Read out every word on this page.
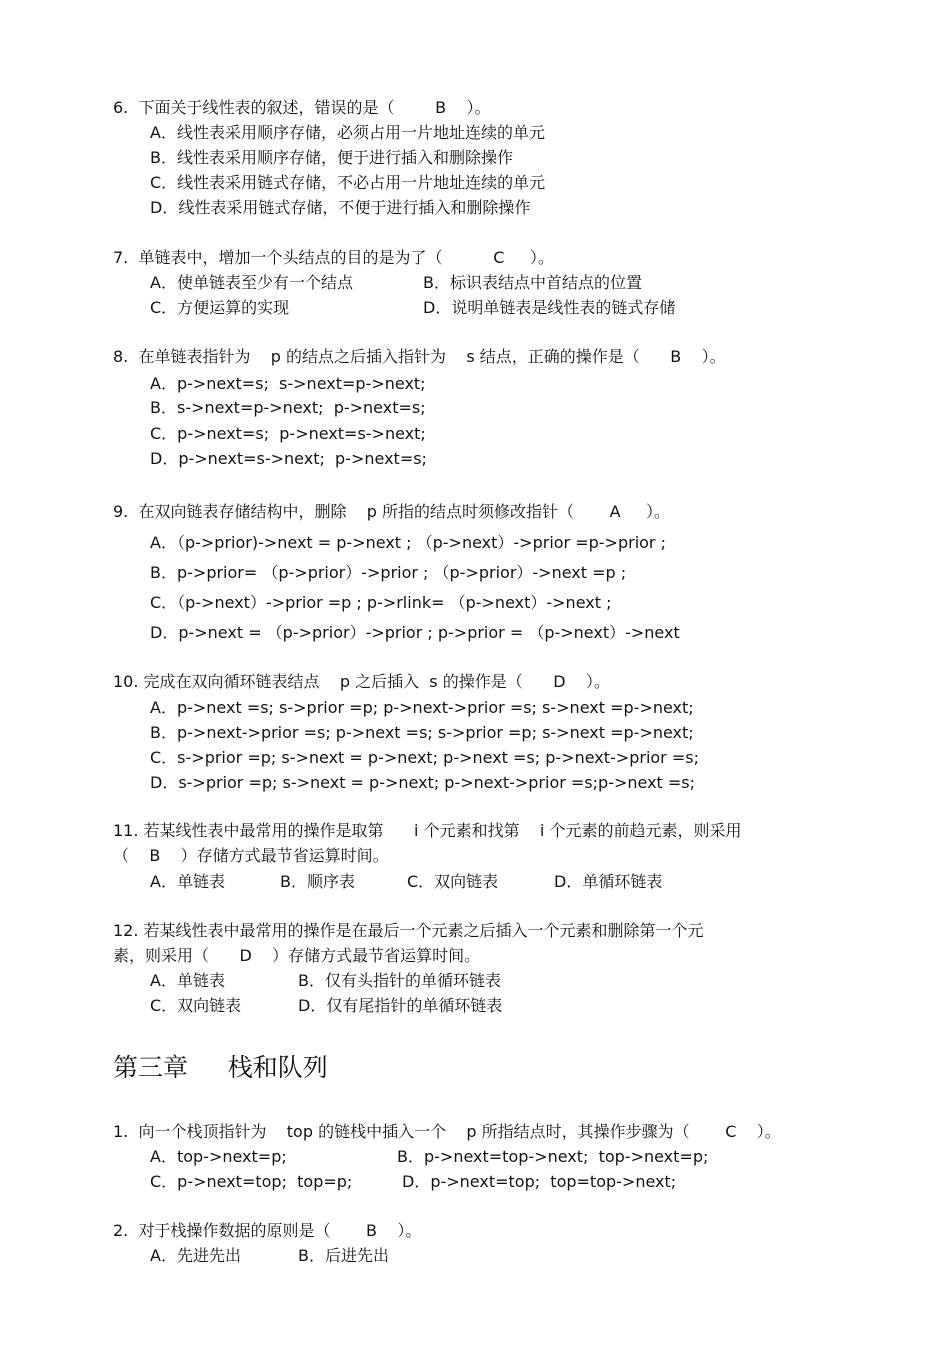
6.  下面关于线性表的叙述，错误的是（        B    ）。
A．线性表采用顺序存储，必须占用一片地址连续的单元
B．线性表采用顺序存储，便于进行插入和删除操作
C．线性表采用链式存储，不必占用一片地址连续的单元
D．线性表采用链式存储，不便于进行插入和删除操作
7.  单链表中，增加一个头结点的目的是为了（          C     ）。
A．使单链表至少有一个结点	B．标识表结点中首结点的位置
C．方便运算的实现	D．说明单链表是线性表的链式存储
8.  在单链表指针为    p 的结点之后插入指针为    s 结点，正确的操作是（      B    ）。
A．p->next=s;  s->next=p->next;
B．s->next=p->next;  p->next=s;
C．p->next=s;  p->next=s->next;
D．p->next=s->next;  p->next=s;
9.  在双向链表存储结构中，删除    p 所指的结点时须修改指针（       A     ）。
A．（p->prior)->next = p->next ; （p->next）->prior =p->prior ;
B．p->prior= （p->prior）->prior ; （p->prior）->next =p ;
C．（p->next）->prior =p ; p->rlink= （p->next）->next ;
D．p->next = （p->prior）->prior ; p->prior = （p->next）->next
10. 完成在双向循环链表结点    p 之后插入  s 的操作是（      D    ）。
A．p->next =s; s->prior =p; p->next->prior =s; s->next =p->next;
B．p->next->prior =s; p->next =s; s->prior =p; s->next =p->next;
C．s->prior =p; s->next = p->next; p->next =s; p->next->prior =s;
D．s->prior =p; s->next = p->next; p->next->prior =s;p->next =s;
11. 若某线性表中最常用的操作是取第      i 个元素和找第    i 个元素的前趋元素，则采用
（    B    ）存储方式最节省运算时间。
A．单链表	B．顺序表	C．双向链表	D．单循环链表
12. 若某线性表中最常用的操作是在最后一个元素之后插入一个元素和删除第一个元
素，则采用（      D    ）存储方式最节省运算时间。
A．单链表	B．仅有头指针的单循环链表
C．双向链表	D．仅有尾指针的单循环链表
第三章     栈和队列
1.  向一个栈顶指针为    top 的链栈中插入一个    p 所指结点时，其操作步骤为（       C    ）。
A．top->next=p;	B．p->next=top->next;  top->next=p;
C．p->next=top;  top=p;	D．p->next=top;  top=top->next;
2.  对于栈操作数据的原则是（       B    ）。
A．先进先出	B．后进先出
